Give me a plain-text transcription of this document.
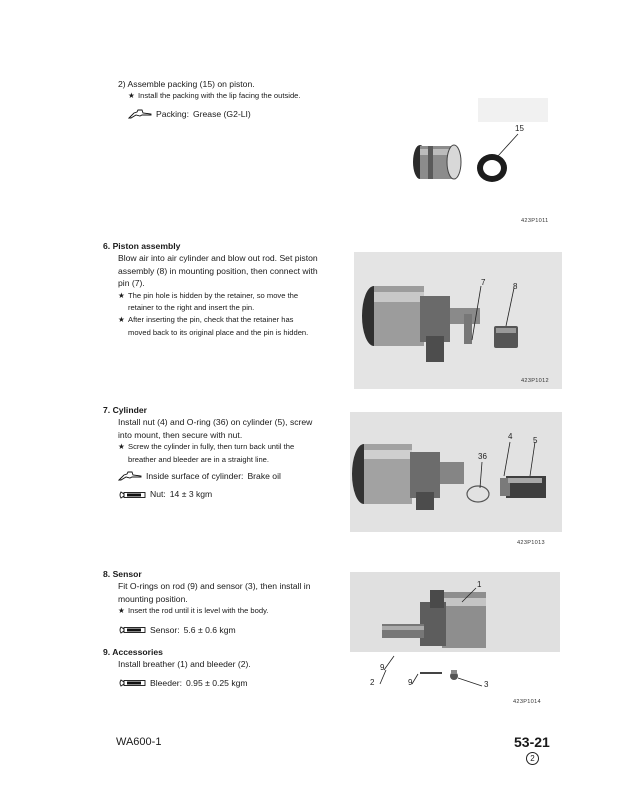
2) Assemble packing (15) on piston.

★ Install the packing with the lip facing the outside.

Packing: Grease (G2-LI)
15
423P1011

6. Piston assembly

Blow air into air cylinder and blow out rod. Set piston

assembly (8) in mounting position, then connect with

pin (7).

★ The pin hole is hidden by the retainer, so move the

retainer to the right and insert the pin.

★ After inserting the pin, check that the retainer has

moved back to its original place and the pin is hidden.

7	8
423P1012

7. Cylinder

Install nut (4) and O-ring (36) on cylinder (5), screw

into mount, then secure with nut.

★ Screw the cylinder in fully, then turn back until the

breather and bleeder are in a straight line.

Inside surface of cylinder: Brake oil
Nut: 14 ± 3 kgm
4	5
36
423P1013

8. Sensor

Fit O-rings on rod (9) and sensor (3), then install in

mounting position.

★ Insert the rod until it is level with the body.

Sensor: 5.6 ± 0.6 kgm

9. Accessories

Install breather (1) and bleeder (2).

Bleeder: 0.95 ± 0.25 kgm
1
9
2	9	3
423P1014
WA600-1	53-21
2
